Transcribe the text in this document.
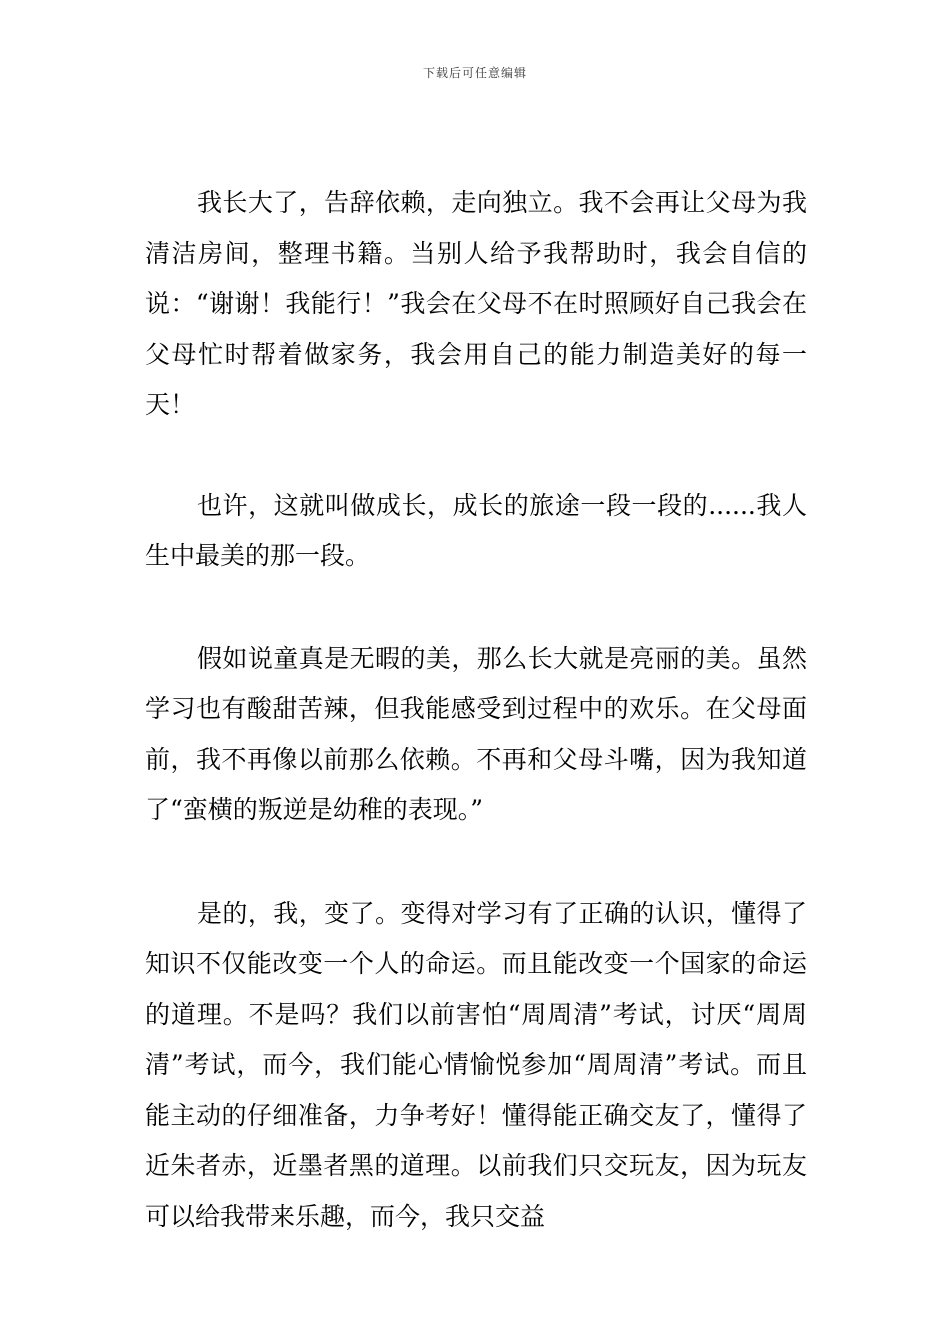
下载后可任意编辑

我长大了，告辞依赖，走向独立。我不会再让父母为我清洁房间，整理书籍。当别人给予我帮助时，我会自信的说：“谢谢！我能行！”我会在父母不在时照顾好自己我会在父母忙时帮着做家务，我会用自己的能力制造美好的每一天！

也许，这就叫做成长，成长的旅途一段一段的......我人生中最美的那一段。

假如说童真是无暇的美，那么长大就是亮丽的美。虽然学习也有酸甜苦辣，但我能感受到过程中的欢乐。在父母面前，我不再像以前那么依赖。不再和父母斗嘴，因为我知道了“蛮横的叛逆是幼稚的表现。”

是的，我，变了。变得对学习有了正确的认识，懂得了知识不仅能改变一个人的命运。而且能改变一个国家的命运的道理。不是吗？我们以前害怕“周周清”考试，讨厌“周周清”考试，而今，我们能心情愉悦参加“周周清”考试。而且能主动的仔细准备，力争考好！懂得能正确交友了，懂得了近朱者赤，近墨者黑的道理。以前我们只交玩友，因为玩友可以给我带来乐趣，而今，我只交益
